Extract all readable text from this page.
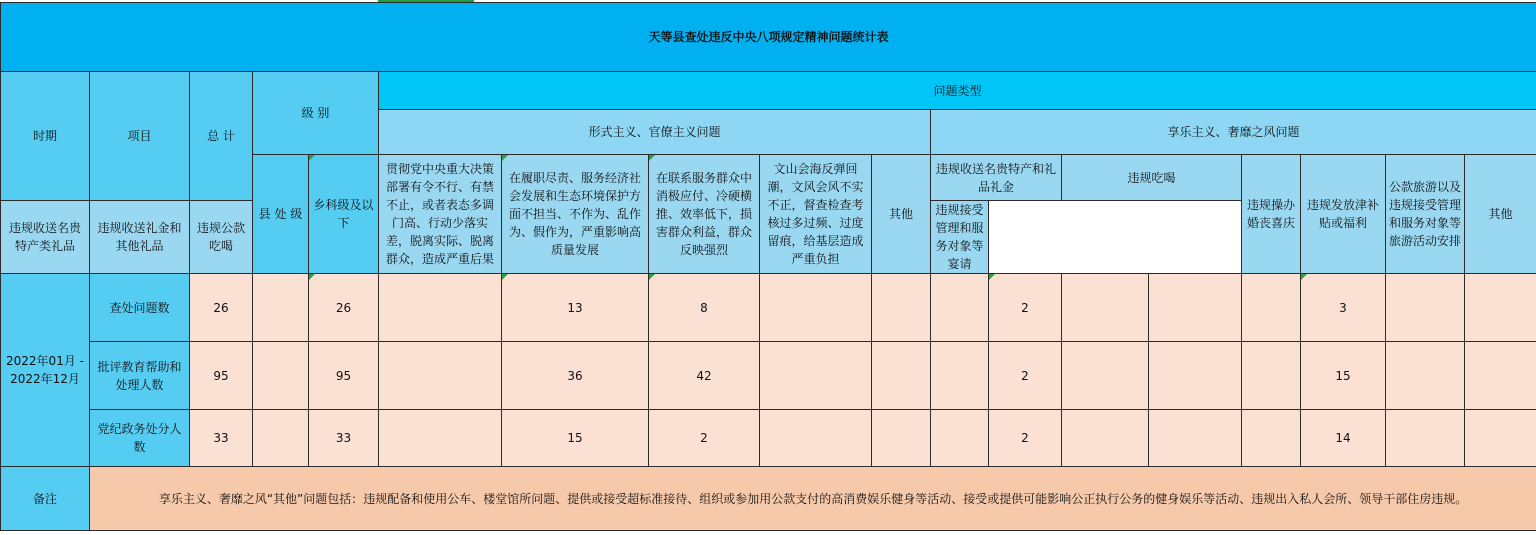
天等县查处违反中央八项规定精神问题统计表																	
时期	项目	总 计	级 别		问题类型												
					形式主义、官僚主义问题					享乐主义、奢靡之风问题							
			县 处 级	乡科级及以下	贯彻党中央重大决策部署有令不行、有禁不止，或者表态多调门高、行动少落实差，脱离实际、脱离群众，造成严重后果	在履职尽责、服务经济社会发展和生态环境保护方面不担当、不作为、乱作为、假作为，严重影响高质量发展	在联系服务群众中消极应付、冷硬横推、效率低下，损害群众利益，群众反映强烈	文山会海反弹回潮，文风会风不实不正，督查检查考核过多过频、过度留痕，给基层造成严重负担	其他	违规收送名贵特产和礼品礼金		违规吃喝		违规操办婚丧喜庆	违规发放津补贴或福利	公款旅游以及违规接受管理和服务对象等旅游活动安排	其他
违规收送名贵特产类礼品	违规收送礼金和其他礼品	违规公款吃喝								违规接受管理和服务对象等宴请							
2022年01月 - 2022年12月	查处问题数	26		26		13	8				2				3		
	批评教育帮助和处理人数	95		95		36	42				2				15		
	党纪政务处分人数	33		33		15	2				2				14		
备注	享乐主义、奢靡之风“其他”问题包括：违规配备和使用公车、楼堂馆所问题、提供或接受超标准接待、组织或参加用公款支付的高消费娱乐健身等活动、接受或提供可能影响公正执行公务的健身娱乐等活动、违规出入私人会所、领导干部住房违规。																
